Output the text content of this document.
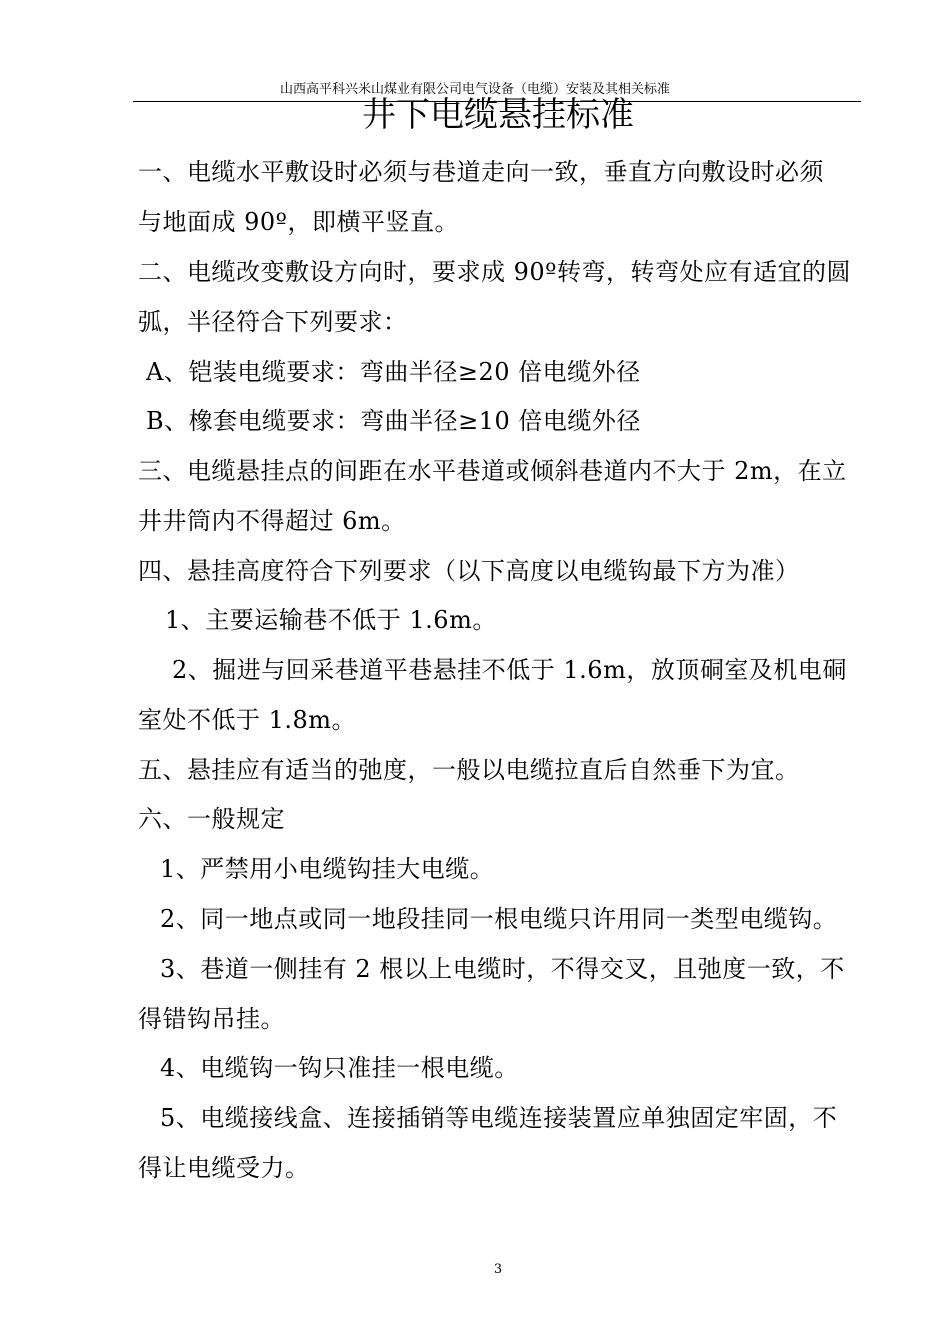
山西高平科兴米山煤业有限公司电气设备（电缆）安装及其相关标准
井下电缆悬挂标准
一、电缆水平敷设时必须与巷道走向一致，垂直方向敷设时必须
与地面成 90º，即横平竖直。
二、电缆改变敷设方向时，要求成 90º转弯，转弯处应有适宜的圆
弧，半径符合下列要求：
A、铠装电缆要求：弯曲半径≥20 倍电缆外径
B、橡套电缆要求：弯曲半径≥10 倍电缆外径
三、电缆悬挂点的间距在水平巷道或倾斜巷道内不大于 2m，在立
井井筒内不得超过 6m。
四、悬挂高度符合下列要求（以下高度以电缆钩最下方为准）
1、主要运输巷不低于 1.6m。
2、掘进与回采巷道平巷悬挂不低于 1.6m，放顶硐室及机电硐
室处不低于 1.8m。
五、悬挂应有适当的弛度，一般以电缆拉直后自然垂下为宜。
六、一般规定
1、严禁用小电缆钩挂大电缆。
2、同一地点或同一地段挂同一根电缆只许用同一类型电缆钩。
3、巷道一侧挂有 2 根以上电缆时，不得交叉，且弛度一致，不
得错钩吊挂。
4、电缆钩一钩只准挂一根电缆。
5、电缆接线盒、连接插销等电缆连接装置应单独固定牢固，不
得让电缆受力。
3
